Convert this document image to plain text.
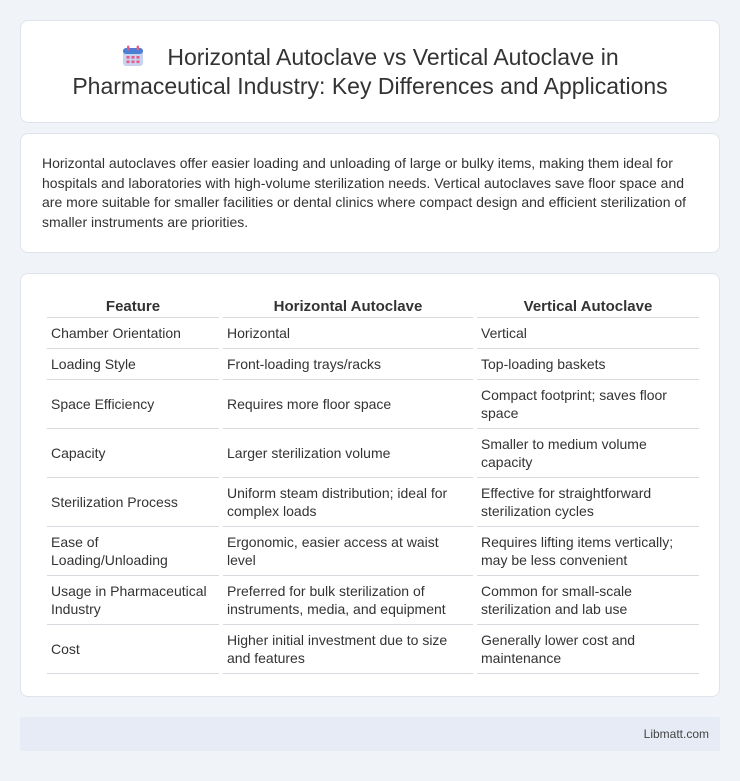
Horizontal Autoclave vs Vertical Autoclave in
Pharmaceutical Industry: Key Differences and Applications

Horizontal autoclaves offer easier loading and unloading of large or bulky items, making them ideal for hospitals and laboratories with high-volume sterilization needs. Vertical autoclaves save floor space and are more suitable for smaller facilities or dental clinics where compact design and efficient sterilization of smaller instruments are priorities.

Feature	Horizontal Autoclave	Vertical Autoclave
Chamber Orientation	Horizontal	Vertical
Loading Style	Front-loading trays/racks	Top-loading baskets
Space Efficiency	Requires more floor space	Compact footprint; saves floor space
Capacity	Larger sterilization volume	Smaller to medium volume capacity
Sterilization Process	Uniform steam distribution; ideal for complex loads	Effective for straightforward sterilization cycles
Ease of Loading/Unloading	Ergonomic, easier access at waist level	Requires lifting items vertically; may be less convenient
Usage in Pharmaceutical Industry	Preferred for bulk sterilization of instruments, media, and equipment	Common for small-scale sterilization and lab use
Cost	Higher initial investment due to size and features	Generally lower cost and maintenance
Libmatt.com
